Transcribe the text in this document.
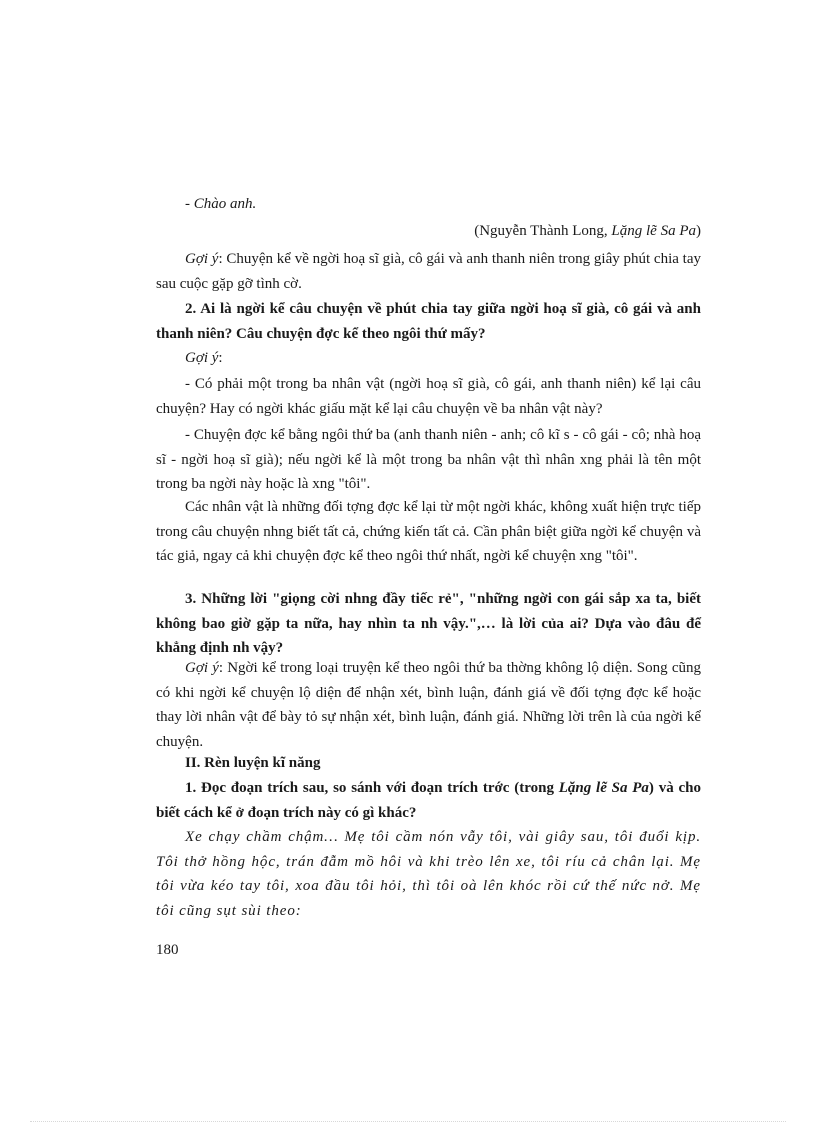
- Chào anh.
(Nguyễn Thành Long, Lặng lẽ Sa Pa)
Gợi ý: Chuyện kể về ngời hoạ sĩ già, cô gái và anh thanh niên trong giây phút chia tay sau cuộc gặp gỡ tình cờ.
2. Ai là ngời kể câu chuyện về phút chia tay giữa ngời hoạ sĩ già, cô gái và anh thanh niên? Câu chuyện đợc kể theo ngôi thứ mấy?
Gợi ý:
- Có phải một trong ba nhân vật (ngời hoạ sĩ già, cô gái, anh thanh niên) kể lại câu chuyện? Hay có ngời khác giấu mặt kể lại câu chuyện về ba nhân vật này?
- Chuyện đợc kể bằng ngôi thứ ba (anh thanh niên - anh; cô kĩ s - cô gái - cô; nhà hoạ sĩ - ngời hoạ sĩ già); nếu ngời kể là một trong ba nhân vật thì nhân xng phải là tên một trong ba ngời này hoặc là xng "tôi".
Các nhân vật là những đối tợng đợc kể lại từ một ngời khác, không xuất hiện trực tiếp trong câu chuyện nhng biết tất cả, chứng kiến tất cả. Cần phân biệt giữa ngời kể chuyện và tác giả, ngay cả khi chuyện đợc kể theo ngôi thứ nhất, ngời kể chuyện xng "tôi".
3. Những lời "giọng cời nhng đầy tiếc rẻ", "những ngời con gái sắp xa ta, biết không bao giờ gặp ta nữa, hay nhìn ta nh vậy.",… là lời của ai? Dựa vào đâu để khẳng định nh vậy?
Gợi ý: Ngời kể trong loại truyện kể theo ngôi thứ ba thờng không lộ diện. Song cũng có khi ngời kể chuyện lộ diện để nhận xét, bình luận, đánh giá về đối tợng đợc kể hoặc thay lời nhân vật để bày tỏ sự nhận xét, bình luận, đánh giá. Những lời trên là của ngời kể chuyện.
II. Rèn luyện kĩ năng
1. Đọc đoạn trích sau, so sánh với đoạn trích trớc (trong Lặng lẽ Sa Pa) và cho biết cách kể ở đoạn trích này có gì khác?
Xe chạy chầm chậm… Mẹ tôi cầm nón vẫy tôi, vài giây sau, tôi đuổi kịp. Tôi thở hồng hộc, trán đẫm mồ hôi và khi trèo lên xe, tôi ríu cả chân lại. Mẹ tôi vừa kéo tay tôi, xoa đầu tôi hỏi, thì tôi oà lên khóc rồi cứ thế nức nở. Mẹ tôi cũng sụt sùi theo:
180
